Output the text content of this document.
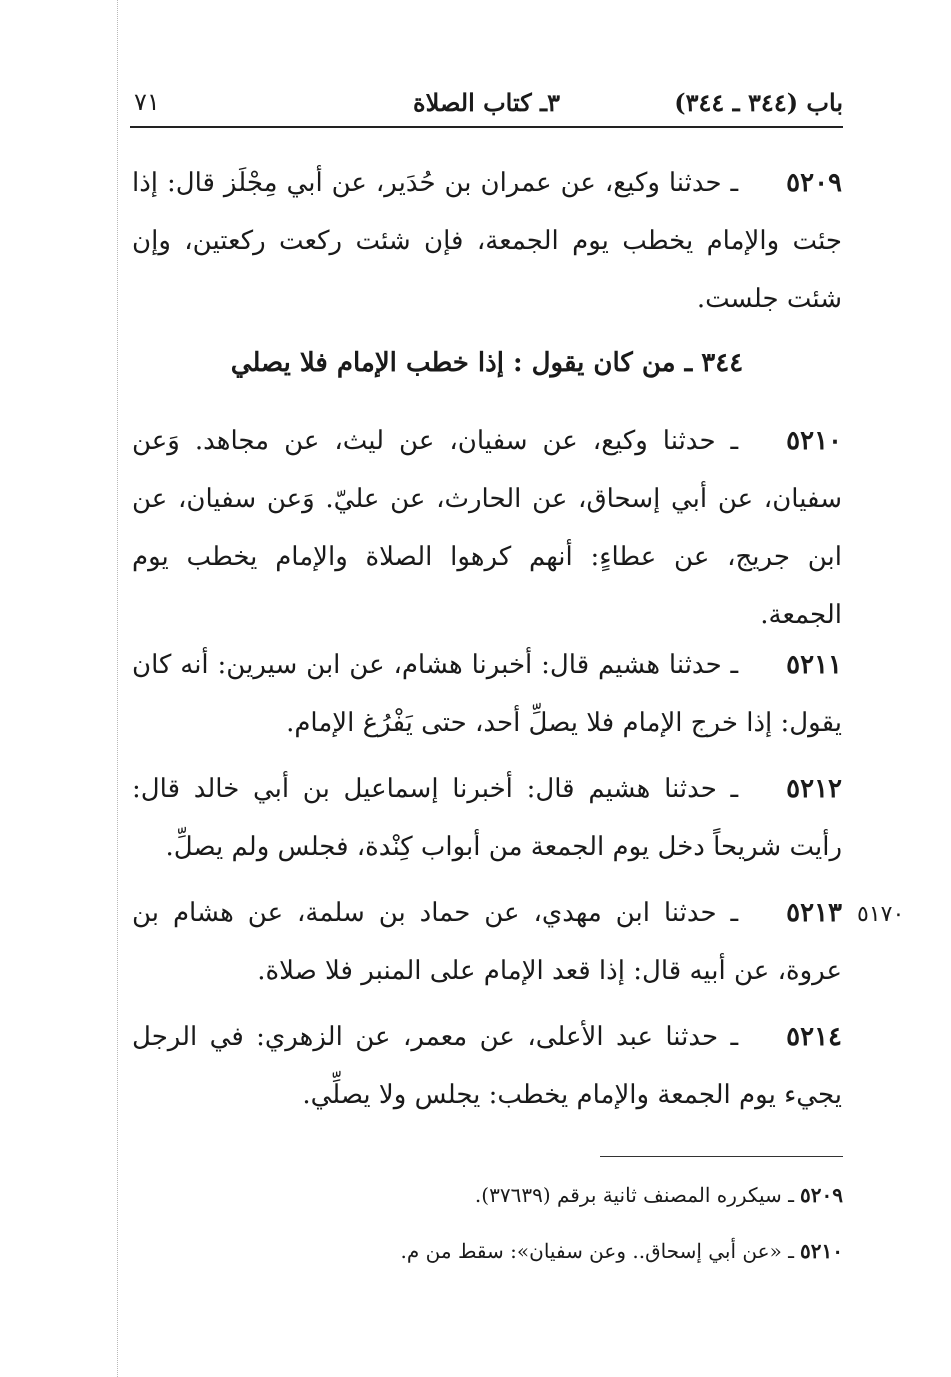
٧١	٣ـ كتاب الصلاة	باب (٣٤٤ ـ ٣٤٤)

٥٢٠٩ـ حدثنا وكيع، عن عمران بن حُدَير، عن أبي مِجْلَز قال: إذا جئت والإمام يخطب يوم الجمعة، فإن شئت ركعت ركعتين، وإن شئت جلست.

٣٤٤ ـ من كان يقول : إذا خطب الإمام فلا يصلي

٥٢١٠ـ حدثنا وكيع، عن سفيان، عن ليث، عن مجاهد. وَعن سفيان، عن أبي إسحاق، عن الحارث، عن عليّ. وَعن سفيان، عن ابن جريج، عن عطاءٍ: أنهم كرهوا الصلاة والإمام يخطب يوم الجمعة.

٥٢١١ـ حدثنا هشيم قال: أخبرنا هشام، عن ابن سيرين: أنه كان يقول: إذا خرج الإمام فلا يصلِّ أحد، حتى يَفْرُغ الإمام.

٥٢١٢ـ حدثنا هشيم قال: أخبرنا إسماعيل بن أبي خالد قال: رأيت شريحاً دخل يوم الجمعة من أبواب كِنْدة، فجلس ولم يصلِّ.

٥١٧٠

٥٢١٣ـ حدثنا ابن مهدي، عن حماد بن سلمة، عن هشام بن عروة، عن أبيه قال: إذا قعد الإمام على المنبر فلا صلاة.

٥٢١٤ـ حدثنا عبد الأعلى، عن معمر، عن الزهري: في الرجل يجيء يوم الجمعة والإمام يخطب: يجلس ولا يصلِّي.

٥٢٠٩ـ سيكرره المصنف ثانية برقم (٣٧٦٣٩).
٥٢١٠ـ «عن أبي إسحاق.. وعن سفيان»: سقط من م.
